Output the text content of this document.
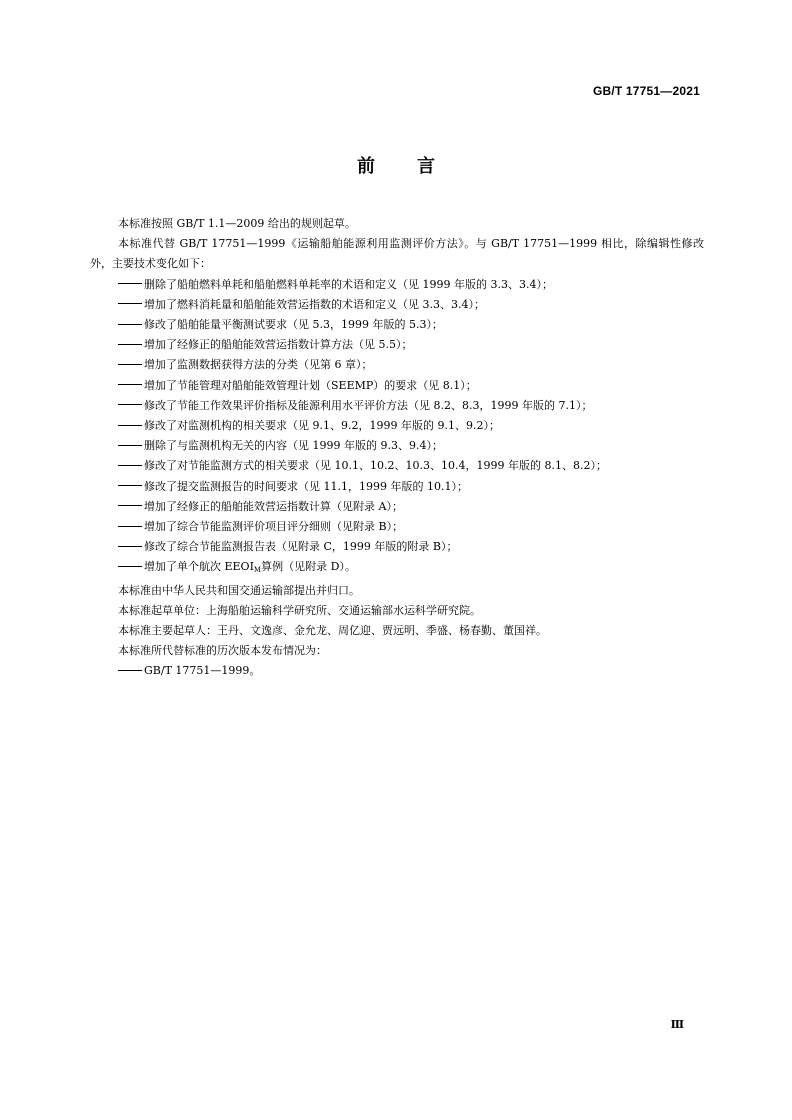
GB/T 17751—2021
前言

本标准按照 GB/T 1.1—2009 给出的规则起草。

本标准代替 GB/T 17751—1999《运输船舶能源利用监测评价方法》。与 GB/T 17751—1999 相比，除编辑性修改外，主要技术变化如下：

删除了船舶燃料单耗和船舶燃料单耗率的术语和定义（见 1999 年版的 3.3、3.4）；

增加了燃料消耗量和船舶能效营运指数的术语和定义（见 3.3、3.4）；

修改了船舶能量平衡测试要求（见 5.3，1999 年版的 5.3）；

增加了经修正的船舶能效营运指数计算方法（见 5.5）；

增加了监测数据获得方法的分类（见第 6 章）；

增加了节能管理对船舶能效管理计划（SEEMP）的要求（见 8.1）；

修改了节能工作效果评价指标及能源利用水平评价方法（见 8.2、8.3，1999 年版的 7.1）；

修改了对监测机构的相关要求（见 9.1、9.2，1999 年版的 9.1、9.2）；

删除了与监测机构无关的内容（见 1999 年版的 9.3、9.4）；

修改了对节能监测方式的相关要求（见 10.1、10.2、10.3、10.4，1999 年版的 8.1、8.2）；

修改了提交监测报告的时间要求（见 11.1，1999 年版的 10.1）；

增加了经修正的船舶能效营运指数计算（见附录 A）；

增加了综合节能监测评价项目评分细则（见附录 B）；

修改了综合节能监测报告表（见附录 C，1999 年版的附录 B）；

增加了单个航次 $EEOI_M$算例（见附录 D）。

本标准由中华人民共和国交通运输部提出并归口。

本标准起草单位：上海船舶运输科学研究所、交通运输部水运科学研究院。

本标准主要起草人：王丹、文逸彦、金允龙、周亿迎、贾远明、季盛、杨春勤、董国祥。

本标准所代替标准的历次版本发布情况为：

GB/T 17751—1999。

Ⅲ
